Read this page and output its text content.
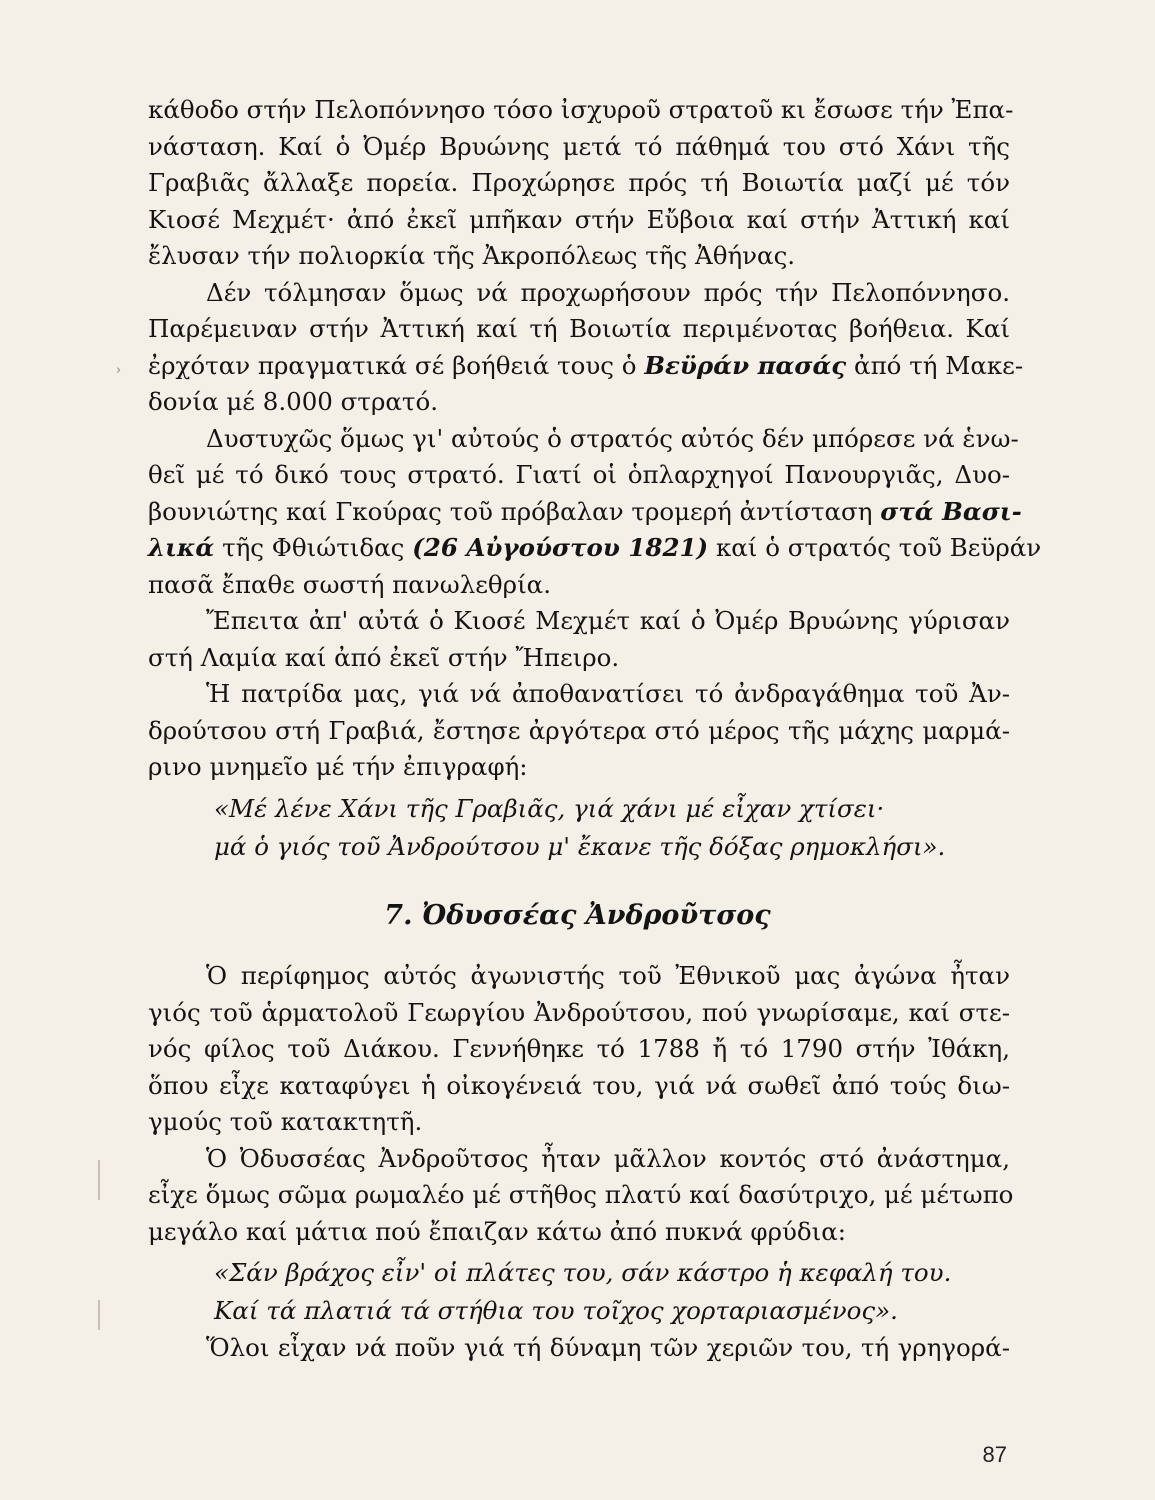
κάθοδο στήν Πελοπόννησο τόσο ἰσχυροῦ στρατοῦ κι ἔσωσε τήν Ἐπα-
νάσταση. Καί ὁ Ὀμέρ Βρυώνης μετά τό πάθημά του στό Χάνι τῆς
Γραβιᾶς ἄλλαξε πορεία. Προχώρησε πρός τή Βοιωτία μαζί μέ τόν
Κιοσέ Μεχμέτ· ἀπό ἐκεῖ μπῆκαν στήν Εὔβοια καί στήν Ἀττική καί
ἔλυσαν τήν πολιορκία τῆς Ἀκροπόλεως τῆς Ἀθήνας.
Δέν τόλμησαν ὅμως νά προχωρήσουν πρός τήν Πελοπόννησο.
Παρέμειναν στήν Ἀττική καί τή Βοιωτία περιμένοτας βοήθεια. Καί
ἐρχόταν πραγματικά σέ βοήθειά τους ὁ Βεϋράν πασάς ἀπό τή Μακε-
δονία μέ 8.000 στρατό.
Δυστυχῶς ὅμως γι' αὐτούς ὁ στρατός αὐτός δέν μπόρεσε νά ἑνω-
θεῖ μέ τό δικό τους στρατό. Γιατί οἱ ὁπλαρχηγοί Πανουργιᾶς, Δυο-
βουνιώτης καί Γκούρας τοῦ πρόβαλαν τρομερή ἀντίσταση στά Βασι-
λικά τῆς Φθιώτιδας (26 Αὐγούστου 1821) καί ὁ στρατός τοῦ Βεϋράν
πασᾶ ἔπαθε σωστή πανωλεθρία.
Ἔπειτα ἀπ' αὐτά ὁ Κιοσέ Μεχμέτ καί ὁ Ὀμέρ Βρυώνης γύρισαν
στή Λαμία καί ἀπό ἐκεῖ στήν Ἤπειρο.
Ἡ πατρίδα μας, γιά νά ἀποθανατίσει τό ἀνδραγάθημα τοῦ Ἀν-
δρούτσου στή Γραβιά, ἔστησε ἀργότερα στό μέρος τῆς μάχης μαρμά-
ρινο μνημεῖο μέ τήν ἐπιγραφή:
«Μέ λένε Χάνι τῆς Γραβιᾶς, γιά χάνι μέ εἶχαν χτίσει·
μά ὁ γιός τοῦ Ἀνδρούτσου μ' ἔκανε τῆς δόξας ρημοκλήσι».
7. Ὀδυσσέας Ἀνδροῦτσος
Ὁ περίφημος αὐτός ἀγωνιστής τοῦ Ἐθνικοῦ μας ἀγώνα ἦταν
γιός τοῦ ἁρματολοῦ Γεωργίου Ἀνδρούτσου, πού γνωρίσαμε, καί στε-
νός φίλος τοῦ Διάκου. Γεννήθηκε τό 1788 ἤ τό 1790 στήν Ἰθάκη,
ὅπου εἶχε καταφύγει ἡ οἰκογένειά του, γιά νά σωθεῖ ἀπό τούς διω-
γμούς τοῦ κατακτητῆ.
Ὁ Ὀδυσσέας Ἀνδροῦτσος ἦταν μᾶλλον κοντός στό ἀνάστημα,
εἶχε ὅμως σῶμα ρωμαλέο μέ στῆθος πλατύ καί δασύτριχο, μέ μέτωπο
μεγάλο καί μάτια πού ἔπαιζαν κάτω ἀπό πυκνά φρύδια:
«Σάν βράχος εἶν' οἱ πλάτες του, σάν κάστρο ἡ κεφαλή του.
Καί τά πλατιά τά στήθια του τοῖχος χορταριασμένος».
Ὅλοι εἶχαν νά ποῦν γιά τή δύναμη τῶν χεριῶν του, τή γρηγορά-
87
›
